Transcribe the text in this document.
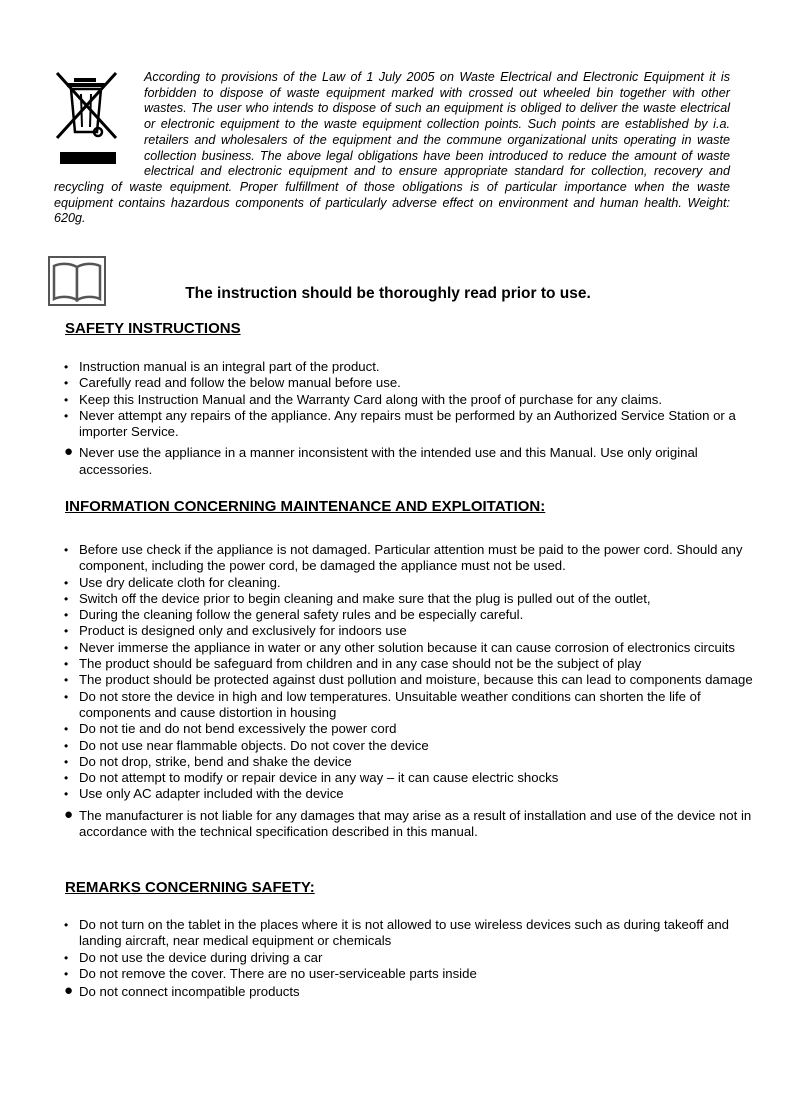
According to provisions of the Law of 1 July 2005 on Waste Electrical and Electronic Equipment it is forbidden to dispose of waste equipment marked with crossed out wheeled bin together with other wastes. The user who intends to dispose of such an equipment is obliged to deliver the waste electrical or electronic equipment to the waste equipment collection points. Such points are established by i.a. retailers and wholesalers of the equipment and the commune organizational units operating in waste collection business. The above legal obligations have been introduced to reduce the amount of waste electrical and electronic equipment and to ensure appropriate standard for collection, recovery and recycling of waste equipment. Proper fulfillment of those obligations is of particular importance when the waste equipment contains hazardous components of particularly adverse effect on environment and human health. Weight: 620g.

The instruction should be thoroughly read prior to use.

SAFETY INSTRUCTIONS
• Instruction manual is an integral part of the product.
• Carefully read and follow the below manual before use.
• Keep this Instruction Manual and the Warranty Card along with the proof of purchase for any claims.
• Never attempt any repairs of the appliance. Any repairs must be performed by an Authorized Service Station or a importer Service.
● Never use the appliance in a manner inconsistent with the intended use and this Manual. Use only original accessories.
INFORMATION CONCERNING MAINTENANCE AND EXPLOITATION:
• Before use check if the appliance is not damaged. Particular attention must be paid to the power cord. Should any component, including the power cord, be damaged the appliance must not be used.
• Use dry delicate cloth for cleaning.
• Switch off the device prior to begin cleaning and make sure that the plug is pulled out of the outlet,
• During the cleaning follow the general safety rules and be especially careful.
• Product is designed only and exclusively for indoors use
• Never immerse the appliance in water or any other solution because it can cause corrosion of electronics circuits
• The product should be safeguard from children and in any case should not be the subject of play
• The product should be protected against dust pollution and moisture, because this can lead to components damage
• Do not store the device in high and low temperatures. Unsuitable weather conditions can shorten the life of components and cause distortion in housing
• Do not tie and do not bend excessively the power cord
• Do not use near flammable objects. Do not cover the device
• Do not drop, strike, bend and shake the device
• Do not attempt to modify or repair device in any way – it can cause electric shocks
• Use only AC adapter included with the device
● The manufacturer is not liable for any damages that may arise as a result of installation and use of the device not in accordance with the technical specification described in this manual.
REMARKS CONCERNING SAFETY:
• Do not turn on the tablet in the places where it is not allowed to use wireless devices such as during takeoff and landing aircraft, near medical equipment or chemicals
• Do not use the device during driving a car
• Do not remove the cover. There are no user-serviceable parts inside
● Do not connect incompatible products
